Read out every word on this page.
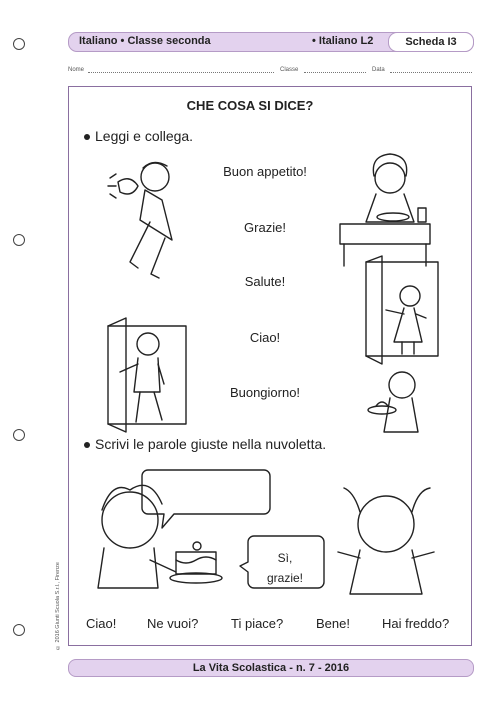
Italiano • Classe seconda	• Italiano L2	Scheda I3
Nome	Classe	Data
© 2016 Giunti Scuola S.r.l., Firenze
CHE COSA SI DICE?
Leggi e collega.
Scrivi le parole giuste nella nuvoletta.
Buon appetito!
Grazie!
Salute!
Ciao!
Buongiorno!
Sì,
grazie!
Ciao! Ne vuoi?	Ti piace?	Bene! Hai freddo?
La Vita Scolastica - n. 7 - 2016
